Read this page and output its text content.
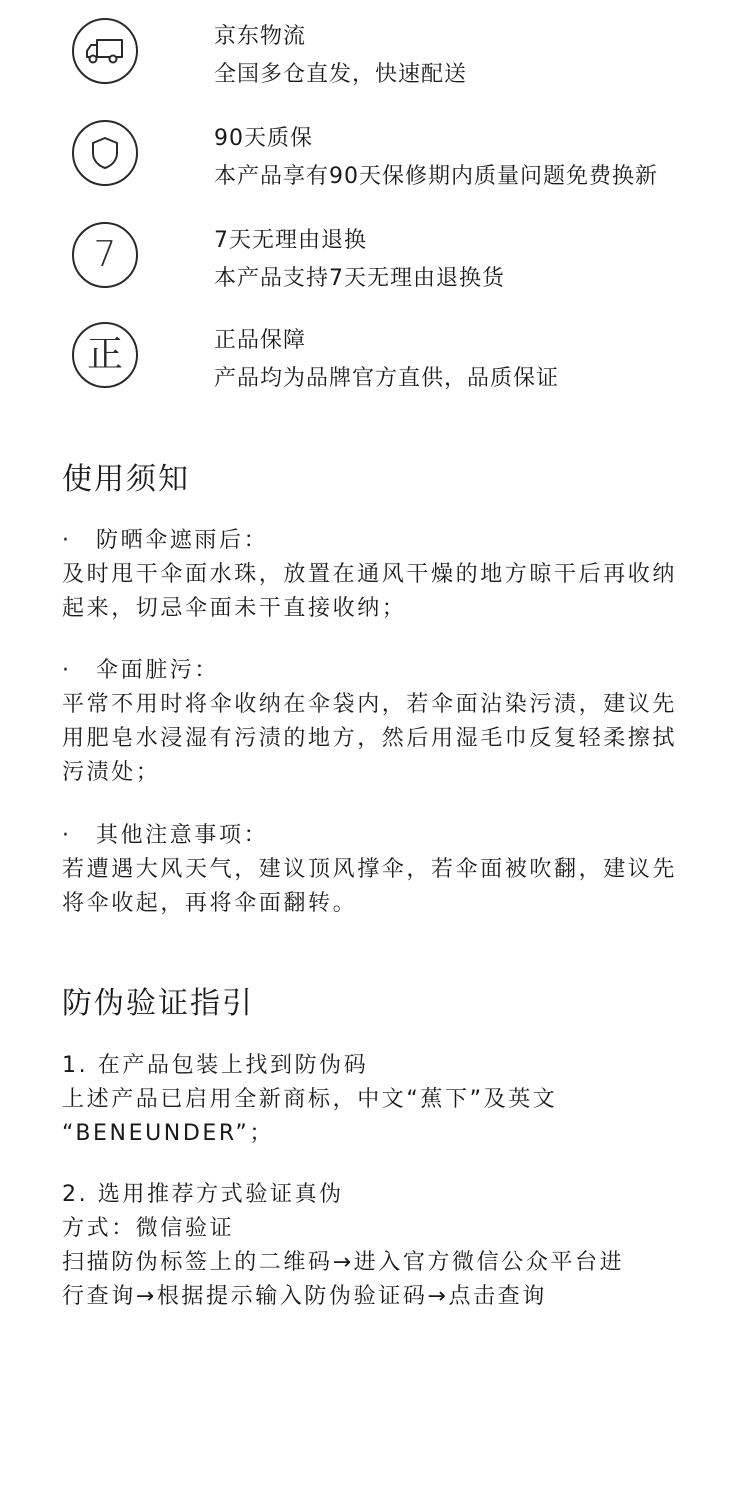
京东物流
全国多仓直发，快速配送
90天质保
本产品享有90天保修期内质量问题免费换新
7	7天无理由退换
本产品支持7天无理由退换货
正	正品保障
产品均为品牌官方直供，品质保证
使用须知
· 防晒伞遮雨后：
及时甩干伞面水珠，放置在通风干燥的地方晾干后再收纳起来，切忌伞面未干直接收纳；
· 伞面脏污：
平常不用时将伞收纳在伞袋内，若伞面沾染污渍，建议先用肥皂水浸湿有污渍的地方，然后用湿毛巾反复轻柔擦拭污渍处；
· 其他注意事项：
若遭遇大风天气，建议顶风撑伞，若伞面被吹翻，建议先将伞收起，再将伞面翻转。
防伪验证指引
1. 在产品包装上找到防伪码
上述产品已启用全新商标，中文“蕉下”及英文
“BENEUNDER”；
2. 选用推荐方式验证真伪
方式：微信验证
扫描防伪标签上的二维码→进入官方微信公众平台进
行查询→根据提示输入防伪验证码→点击查询
